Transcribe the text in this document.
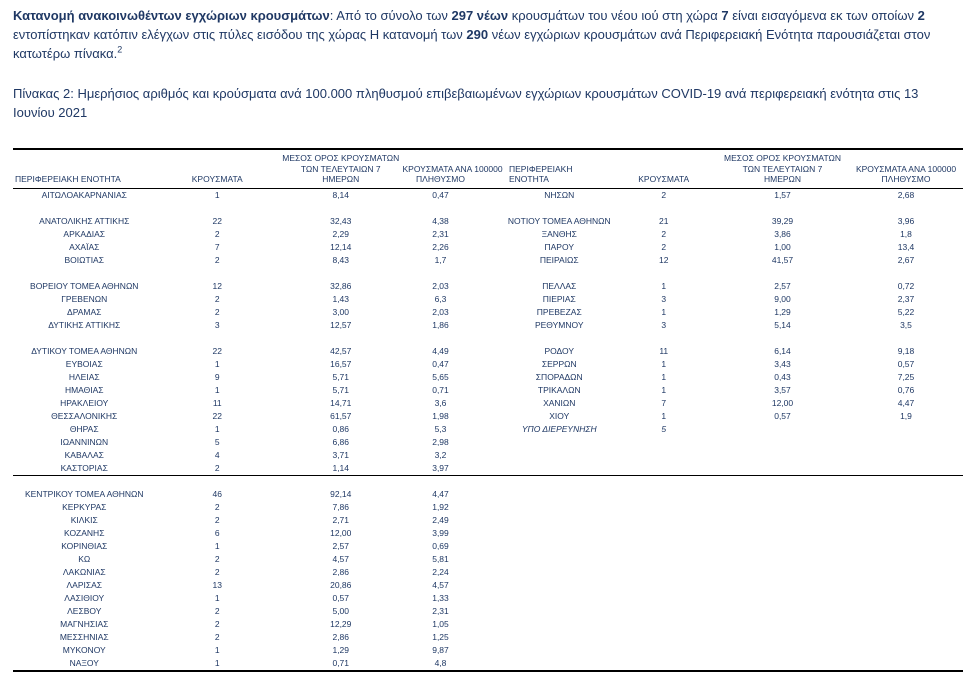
Κατανομή ανακοινωθέντων εγχώριων κρουσμάτων: Από το σύνολο των 297 νέων κρουσμάτων του νέου ιού στη χώρα 7 είναι εισαγόμενα εκ των οποίων 2 εντοπίστηκαν κατόπιν ελέγχων στις πύλες εισόδου της χώρας Η κατανομή των 290 νέων εγχώριων κρουσμάτων ανά Περιφερειακή Ενότητα παρουσιάζεται στον κατωτέρω πίνακα.$^2$

Πίνακας 2: Ημερήσιος αριθμός και κρούσματα ανά 100.000 πληθυσμού επιβεβαιωμένων εγχώριων κρουσμάτων COVID-19 ανά περιφερειακή ενότητα στις 13 Ιουνίου 2021

ΠΕΡΙΦΕΡΕΙΑΚΗ ΕΝΟΤΗΤΑ	ΚΡΟΥΣΜΑΤΑ	ΜΕΣΟΣ ΟΡΟΣ ΚΡΟΥΣΜΑΤΩΝ
ΤΩΝ ΤΕΛΕΥΤΑΙΩΝ 7
ΗΜΕΡΩΝ	ΚΡΟΥΣΜΑΤΑ ΑΝΑ 100000
ΠΛΗΘΥΣΜΟ		ΠΕΡΙΦΕΡΕΙΑΚΗ ΕΝΟΤΗΤΑ	ΚΡΟΥΣΜΑΤΑ	ΜΕΣΟΣ ΟΡΟΣ ΚΡΟΥΣΜΑΤΩΝ
ΤΩΝ ΤΕΛΕΥΤΑΙΩΝ 7
ΗΜΕΡΩΝ	ΚΡΟΥΣΜΑΤΑ ΑΝΑ 100000
ΠΛΗΘΥΣΜΟ

ΑΙΤΩΛΟΑΚΑΡΝΑΝΙΑΣ	1	8,14	0,47		ΝΗΣΩΝ	2	1,57	2,68

ΑΝΑΤΟΛΙΚΗΣ ΑΤΤΙΚΗΣ	22	32,43	4,38		ΝΟΤΙΟΥ ΤΟΜΕΑ ΑΘΗΝΩΝ	21	39,29	3,96
ΑΡΚΑΔΙΑΣ	2	2,29	2,31		ΞΑΝΘΗΣ	2	3,86	1,8
ΑΧΑΪΑΣ	7	12,14	2,26		ΠΑΡΟΥ	2	1,00	13,4
ΒΟΙΩΤΙΑΣ	2	8,43	1,7		ΠΕΙΡΑΙΩΣ	12	41,57	2,67

ΒΟΡΕΙΟΥ ΤΟΜΕΑ ΑΘΗΝΩΝ	12	32,86	2,03		ΠΕΛΛΑΣ	1	2,57	0,72
ΓΡΕΒΕΝΩΝ	2	1,43	6,3		ΠΙΕΡΙΑΣ	3	9,00	2,37
ΔΡΑΜΑΣ	2	3,00	2,03		ΠΡΕΒΕΖΑΣ	1	1,29	5,22
ΔΥΤΙΚΗΣ ΑΤΤΙΚΗΣ	3	12,57	1,86		ΡΕΘΥΜΝΟΥ	3	5,14	3,5

ΔΥΤΙΚΟΥ ΤΟΜΕΑ ΑΘΗΝΩΝ	22	42,57	4,49		ΡΟΔΟΥ	11	6,14	9,18
ΕΥΒΟΙΑΣ	1	16,57	0,47		ΣΕΡΡΩΝ	1	3,43	0,57
ΗΛΕΙΑΣ	9	5,71	5,65		ΣΠΟΡΑΔΩΝ	1	0,43	7,25
ΗΜΑΘΙΑΣ	1	5,71	0,71		ΤΡΙΚΑΛΩΝ	1	3,57	0,76
ΗΡΑΚΛΕΙΟΥ	11	14,71	3,6		ΧΑΝΙΩΝ	7	12,00	4,47
ΘΕΣΣΑΛΟΝΙΚΗΣ	22	61,57	1,98		ΧΙΟΥ	1	0,57	1,9
ΘΗΡΑΣ	1	0,86	5,3		ΥΠΟ ΔΙΕΡΕΥΝΗΣΗ	5		
ΙΩΑΝΝΙΝΩΝ	5	6,86	2,98					
ΚΑΒΑΛΑΣ	4	3,71	3,2					
ΚΑΣΤΟΡΙΑΣ	2	1,14	3,97					

ΚΕΝΤΡΙΚΟΥ ΤΟΜΕΑ ΑΘΗΝΩΝ	46	92,14	4,47					
ΚΕΡΚΥΡΑΣ	2	7,86	1,92					
ΚΙΛΚΙΣ	2	2,71	2,49					
ΚΟΖΑΝΗΣ	6	12,00	3,99					
ΚΟΡΙΝΘΙΑΣ	1	2,57	0,69					
ΚΩ	2	4,57	5,81					
ΛΑΚΩΝΙΑΣ	2	2,86	2,24					
ΛΑΡΙΣΑΣ	13	20,86	4,57					
ΛΑΣΙΘΙΟΥ	1	0,57	1,33					
ΛΕΣΒΟΥ	2	5,00	2,31					
ΜΑΓΝΗΣΙΑΣ	2	12,29	1,05					
ΜΕΣΣΗΝΙΑΣ	2	2,86	1,25					
ΜΥΚΟΝΟΥ	1	1,29	9,87					
ΝΑΞΟΥ	1	0,71	4,8					
